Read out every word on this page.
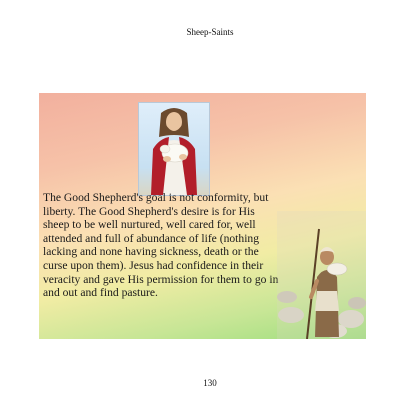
Sheep-Saints

The Good Shepherd's goal is not conformity, but liberty. The Good Shepherd's desire is for His sheep to be well nurtured, well cared for, well attended and full of abundance of life (nothing lacking and none having sickness, death or the curse upon them). Jesus had confidence in their veracity and gave His permission for them to go in and out and find pasture.

130
